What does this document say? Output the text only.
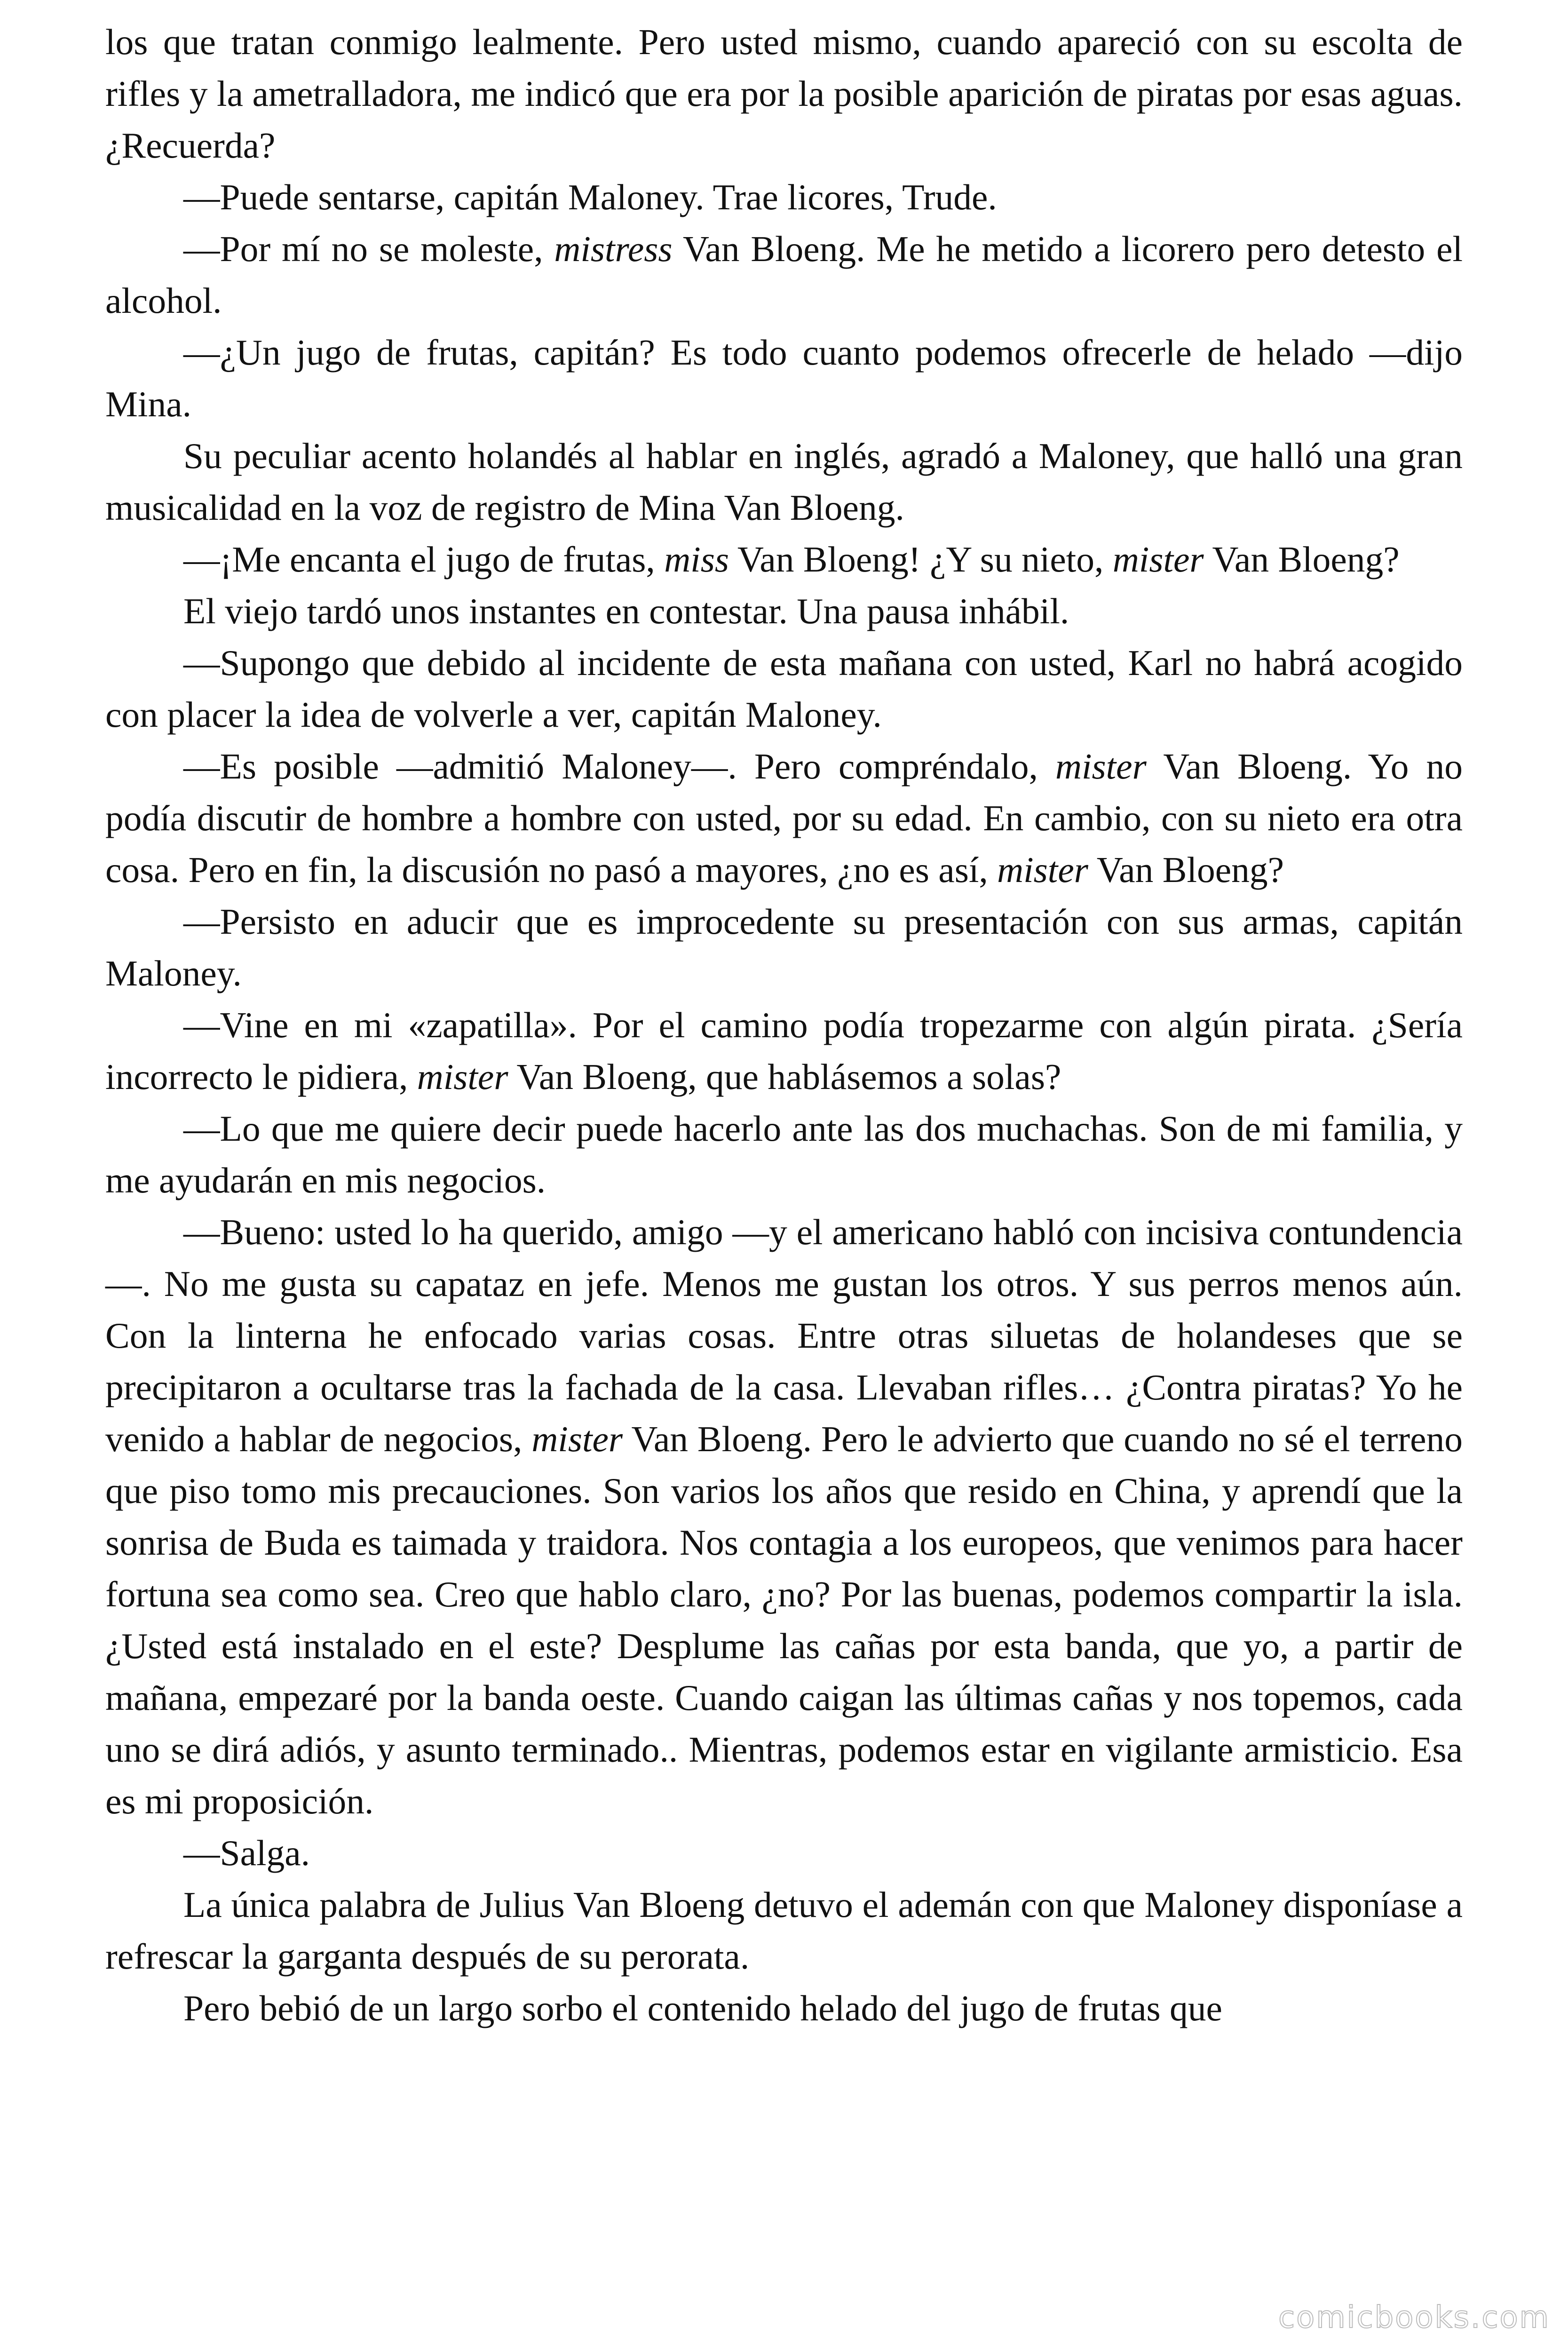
los que tratan conmigo lealmente. Pero usted mismo, cuando apareció con su escolta de rifles y la ametralladora, me indicó que era por la posible aparición de piratas por esas aguas. ¿Recuerda?

—Puede sentarse, capitán Maloney. Trae licores, Trude.

—Por mí no se moleste, mistress Van Bloeng. Me he metido a licorero pero detesto el alcohol.

—¿Un jugo de frutas, capitán? Es todo cuanto podemos ofrecerle de helado —dijo Mina.

Su peculiar acento holandés al hablar en inglés, agradó a Maloney, que halló una gran musicalidad en la voz de registro de Mina Van Bloeng.

—¡Me encanta el jugo de frutas, miss Van Bloeng! ¿Y su nieto, mister Van Bloeng?

El viejo tardó unos instantes en contestar. Una pausa inhábil.

—Supongo que debido al incidente de esta mañana con usted, Karl no habrá acogido con placer la idea de volverle a ver, capitán Maloney.

—Es posible —admitió Maloney—. Pero compréndalo, mister Van Bloeng. Yo no podía discutir de hombre a hombre con usted, por su edad. En cambio, con su nieto era otra cosa. Pero en fin, la discusión no pasó a mayores, ¿no es así, mister Van Bloeng?

—Persisto en aducir que es improcedente su presentación con sus armas, capitán Maloney.

—Vine en mi «zapatilla». Por el camino podía tropezarme con algún pirata. ¿Sería incorrecto le pidiera, mister Van Bloeng, que hablásemos a solas?

—Lo que me quiere decir puede hacerlo ante las dos muchachas. Son de mi familia, y me ayudarán en mis negocios.

—Bueno: usted lo ha querido, amigo —y el americano habló con incisiva contundencia—. No me gusta su capataz en jefe. Menos me gustan los otros. Y sus perros menos aún. Con la linterna he enfocado varias cosas. Entre otras siluetas de holandeses que se precipitaron a ocultarse tras la fachada de la casa. Llevaban rifles… ¿Contra piratas? Yo he venido a hablar de negocios, mister Van Bloeng. Pero le advierto que cuando no sé el terreno que piso tomo mis precauciones. Son varios los años que resido en China, y aprendí que la sonrisa de Buda es taimada y traidora. Nos contagia a los europeos, que venimos para hacer fortuna sea como sea. Creo que hablo claro, ¿no? Por las buenas, podemos compartir la isla. ¿Usted está instalado en el este? Desplume las cañas por esta banda, que yo, a partir de mañana, empezaré por la banda oeste. Cuando caigan las últimas cañas y nos topemos, cada uno se dirá adiós, y asunto terminado.. Mientras, podemos estar en vigilante armisticio. Esa es mi proposición.

—Salga.

La única palabra de Julius Van Bloeng detuvo el ademán con que Maloney disponíase a refrescar la garganta después de su perorata.

Pero bebió de un largo sorbo el contenido helado del jugo de frutas que

comicbooks.com
